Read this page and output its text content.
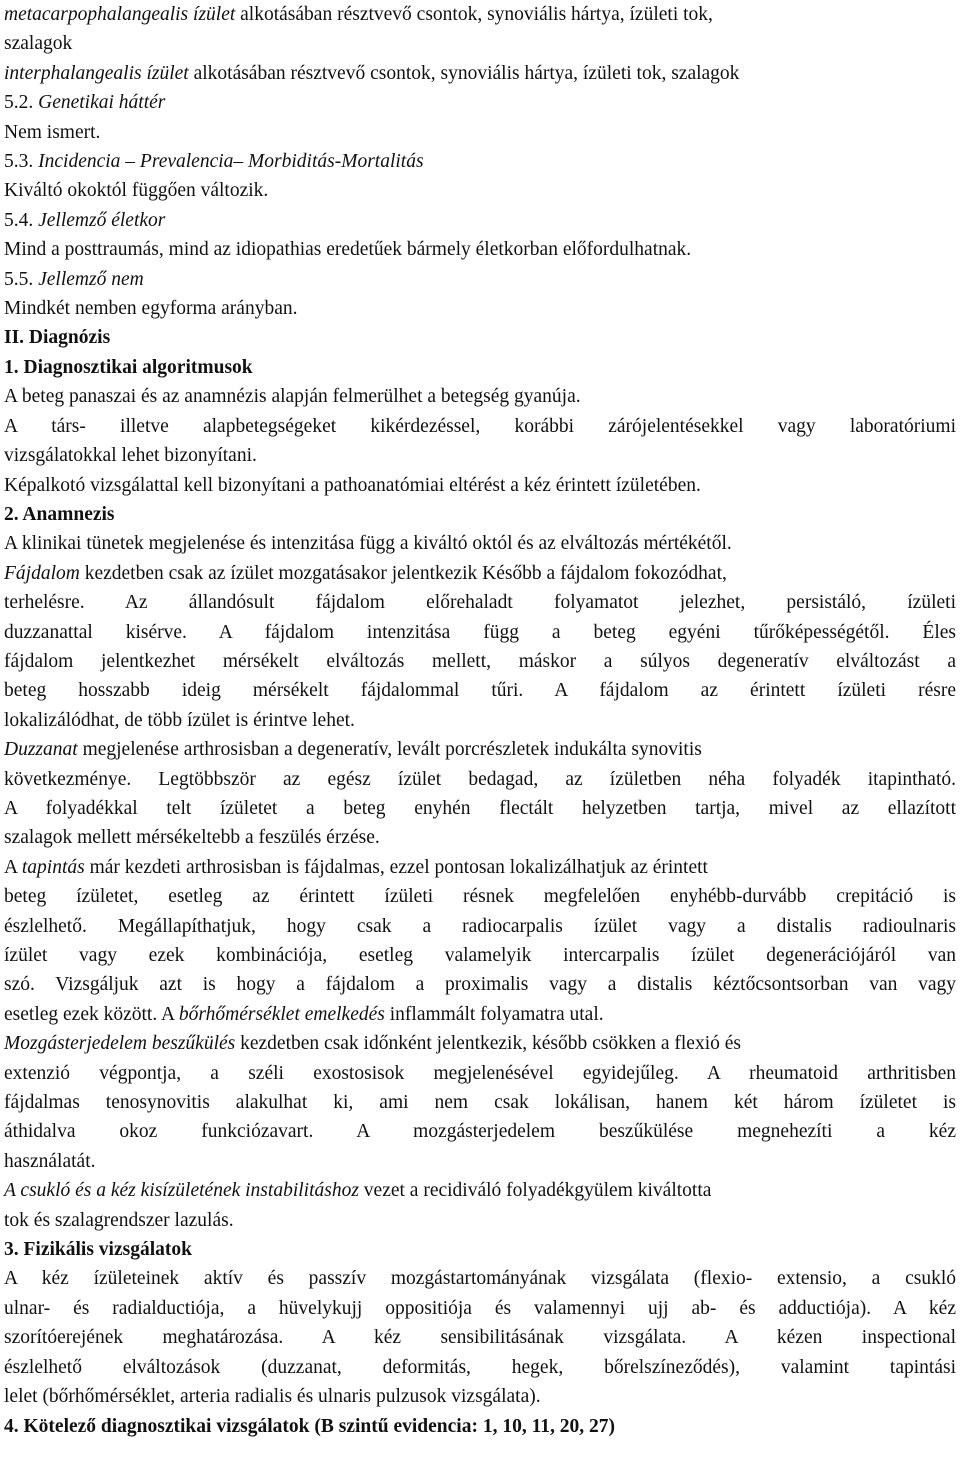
metacarpophalangealis ízület alkotásában résztvevő csontok, synoviális hártya, ízületi tok,
szalagok
interphalangealis ízület alkotásában résztvevő csontok, synoviális hártya, ízületi tok, szalagok
5.2. Genetikai háttér
Nem ismert.
5.3. Incidencia – Prevalencia– Morbiditás-Mortalitás
Kiváltó okoktól függően változik.
5.4. Jellemző életkor
Mind a posttraumás, mind az idiopathias eredetűek bármely életkorban előfordulhatnak.
5.5. Jellemző nem
Mindkét nemben egyforma arányban.
II. Diagnózis
1. Diagnosztikai algoritmusok
A beteg panaszai és az anamnézis alapján felmerülhet a betegség gyanúja.
A társ- illetve alapbetegségeket kikérdezéssel, korábbi zárójelentésekkel vagy laboratóriumi
vizsgálatokkal lehet bizonyítani.
Képalkotó vizsgálattal kell bizonyítani a pathoanatómiai eltérést a kéz érintett ízületében.
2. Anamnezis
A klinikai tünetek megjelenése és intenzitása függ a kiváltó októl és az elváltozás mértékétől.
Fájdalom kezdetben csak az ízület mozgatásakor jelentkezik Később a fájdalom fokozódhat,
terhelésre. Az állandósult fájdalom előrehaladt folyamatot jelezhet, persistáló, ízületi
duzzanattal kisérve. A fájdalom intenzitása függ a beteg egyéni tűrőképességétől. Éles
fájdalom jelentkezhet mérsékelt elváltozás mellett, máskor a súlyos degeneratív elváltozást a
beteg hosszabb ideig mérsékelt fájdalommal tűri. A fájdalom az érintett ízületi résre
lokalizálódhat, de több ízület is érintve lehet.
Duzzanat megjelenése arthrosisban a degeneratív, levált porcrészletek indukálta synovitis
következménye. Legtöbbször az egész ízület bedagad, az ízületben néha folyadék itapintható.
A folyadékkal telt ízületet a beteg enyhén flectált helyzetben tartja, mivel az ellazított
szalagok mellett mérsékeltebb a feszülés érzése.
A tapintás már kezdeti arthrosisban is fájdalmas, ezzel pontosan lokalizálhatjuk az érintett
beteg ízületet, esetleg az érintett ízületi résnek megfelelően enyhébb-durvább crepitáció is
észlelhető. Megállapíthatjuk, hogy csak a radiocarpalis ízület vagy a distalis radioulnaris
ízület vagy ezek kombinációja, esetleg valamelyik intercarpalis ízület degenerációjáról van
szó. Vizsgáljuk azt is hogy a fájdalom a proximalis vagy a distalis kéztőcsontsorban van vagy
esetleg ezek között. A bőrhőmérséklet emelkedés inflammált folyamatra utal.
Mozgásterjedelem beszűkülés kezdetben csak időnként jelentkezik, később csökken a flexió és
extenzió végpontja, a széli exostosisok megjelenésével egyidejűleg. A rheumatoid arthritisben
fájdalmas tenosynovitis alakulhat ki, ami nem csak lokálisan, hanem két három ízületet is
áthidalva okoz funkciózavart. A mozgásterjedelem beszűkülése megnehezíti a kéz
használatát.
A csukló és a kéz kisízületének instabilitáshoz vezet a recidiváló folyadékgyülem kiváltotta
tok és szalagrendszer lazulás.
3. Fizikális vizsgálatok
A kéz ízületeinek aktív és passzív mozgástartományának vizsgálata (flexio- extensio, a csukló
ulnar- és radialductiója, a hüvelykujj oppositiója és valamennyi ujj ab- és adductiója). A kéz
szorítóerejének meghatározása. A kéz sensibilitásának vizsgálata. A kézen inspectional
észlelhető elváltozások (duzzanat, deformitás, hegek, bőrelszíneződés), valamint tapintási
lelet (bőrhőmérséklet, arteria radialis és ulnaris pulzusok vizsgálata).
4. Kötelező diagnosztikai vizsgálatok (B szintű evidencia: 1, 10, 11, 20, 27)
